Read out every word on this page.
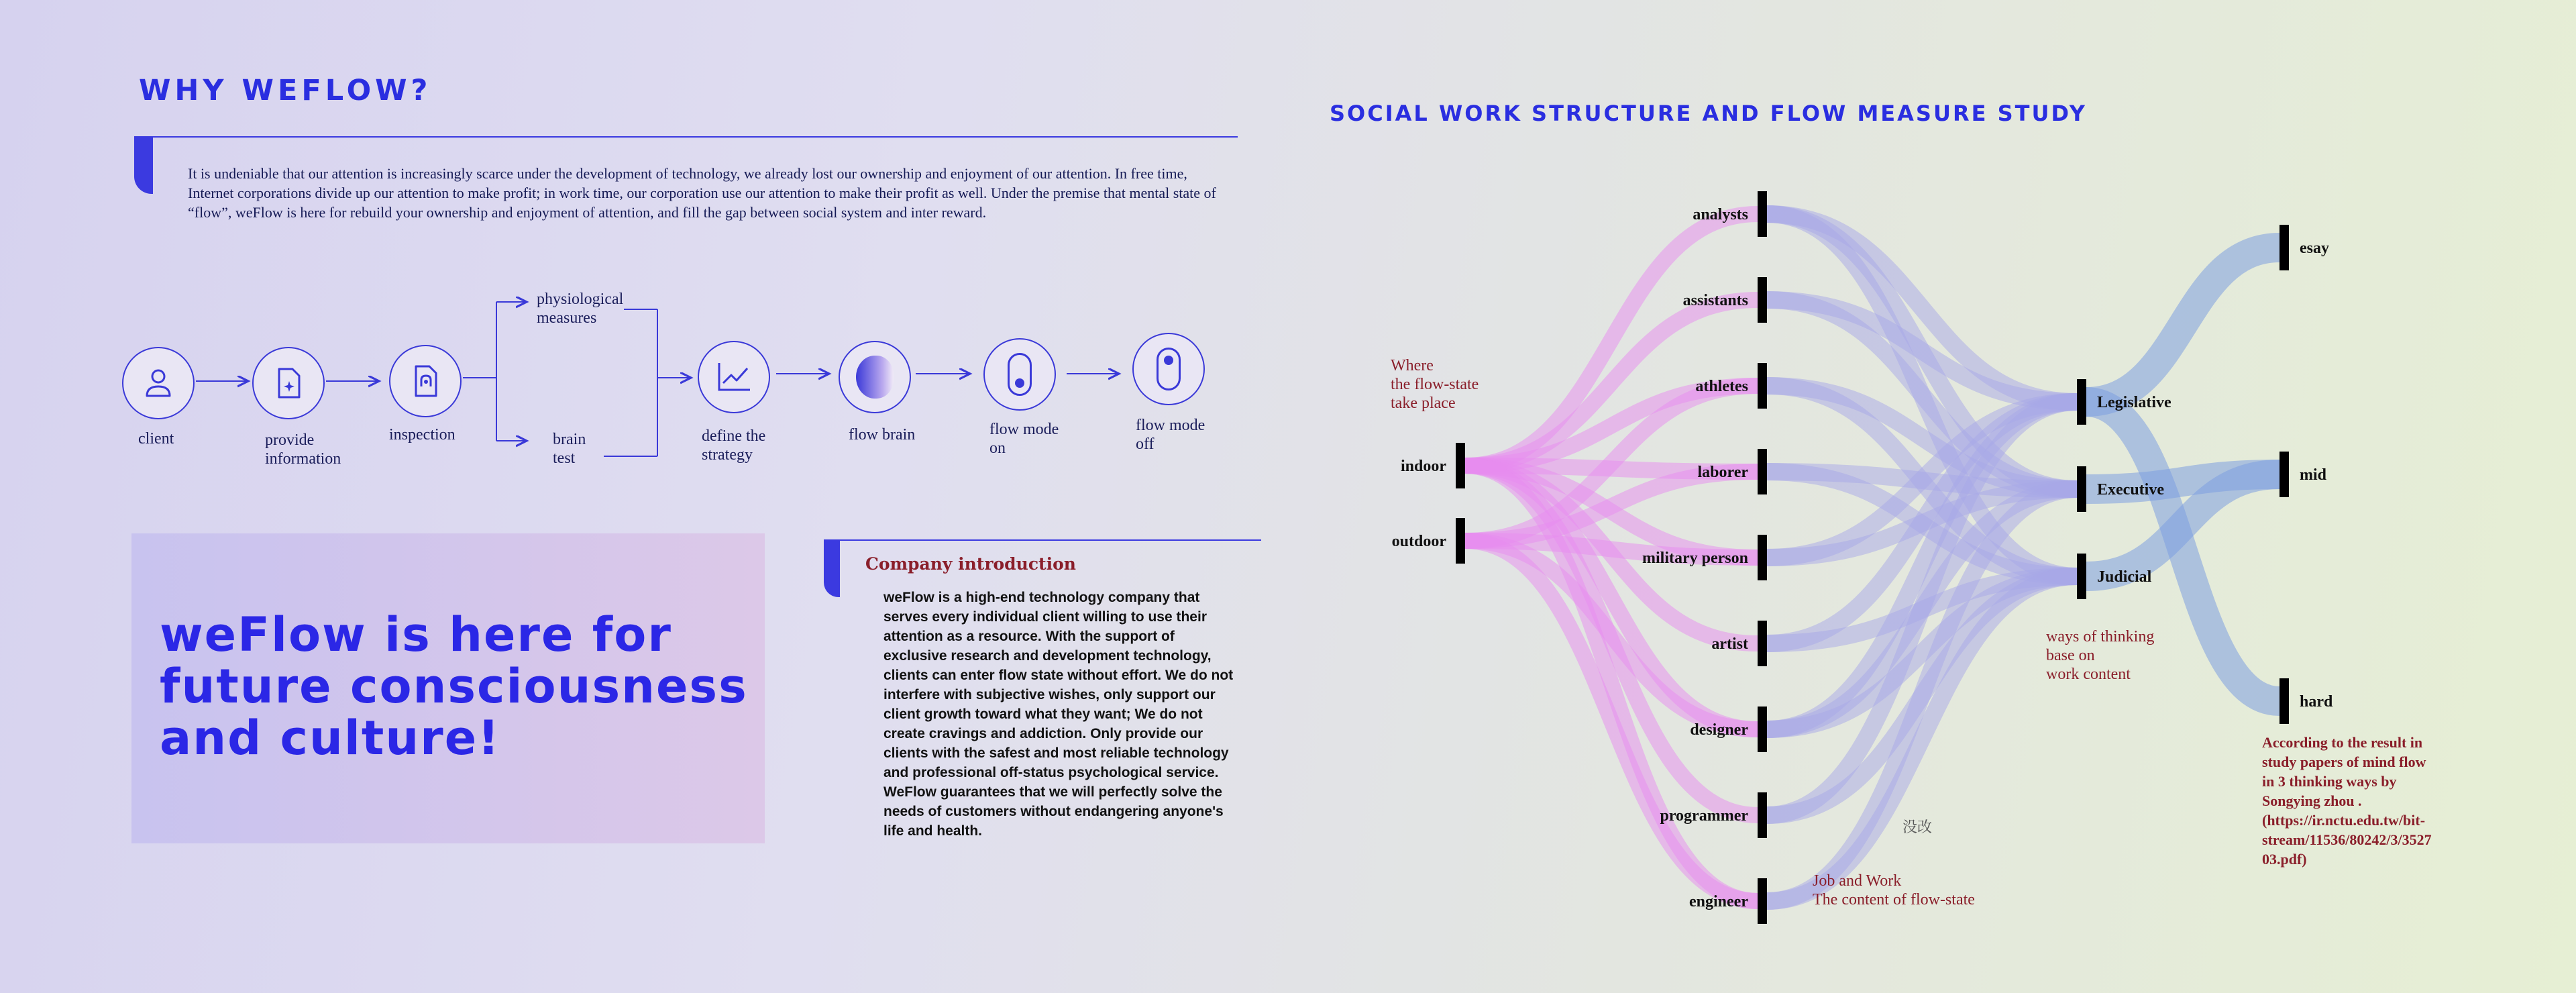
WHY WEFLOW?
It is undeniable that our attention is increasingly scarce under the development of technology, we already lost our ownership and enjoyment of our attention. In free time, Internet corporations divide up our attention to make profit; in work time, our corporation use our attention to make their profit as well. Under the premise that mental state of “flow”, weFlow is here for rebuild your ownership and enjoyment of attention, and fill the gap between social system and inter reward.
client	provide information
inspection
physiological measures
brain test
define the strategy
flow brain	flow mode on
flow mode off
weFlow is here for future consciousness and culture!
Company introduction
weFlow is a high-end technology company that serves every individual client willing to use their attention as a resource. With the support of exclusive research and development technology, clients can enter flow state without effort. We do not interfere with subjective wishes, only support our client growth toward what they want; We do not create cravings and addiction. Only provide our clients with the safest and most reliable technology and professional off-status psychological service. WeFlow guarantees that we will perfectly solve the needs of customers without endangering anyone's life and health.
SOCIAL WORK STRUCTURE AND FLOW MEASURE STUDY
indoor
outdoor
analysts
assistants
athletes
laborer
military person
artist
designer
programmer
engineer
Legislative
Executive
Judicial
esay
mid
hard
Where
the flow-state
take place
ways of thinking
base on
work content
Job and Work
The content of flow-state
没改
According to the result in
study papers of mind flow
in 3 thinking ways by
Songying zhou .
(https://ir.nctu.edu.tw/bit-
stream/11536/80242/3/3527
03.pdf)
